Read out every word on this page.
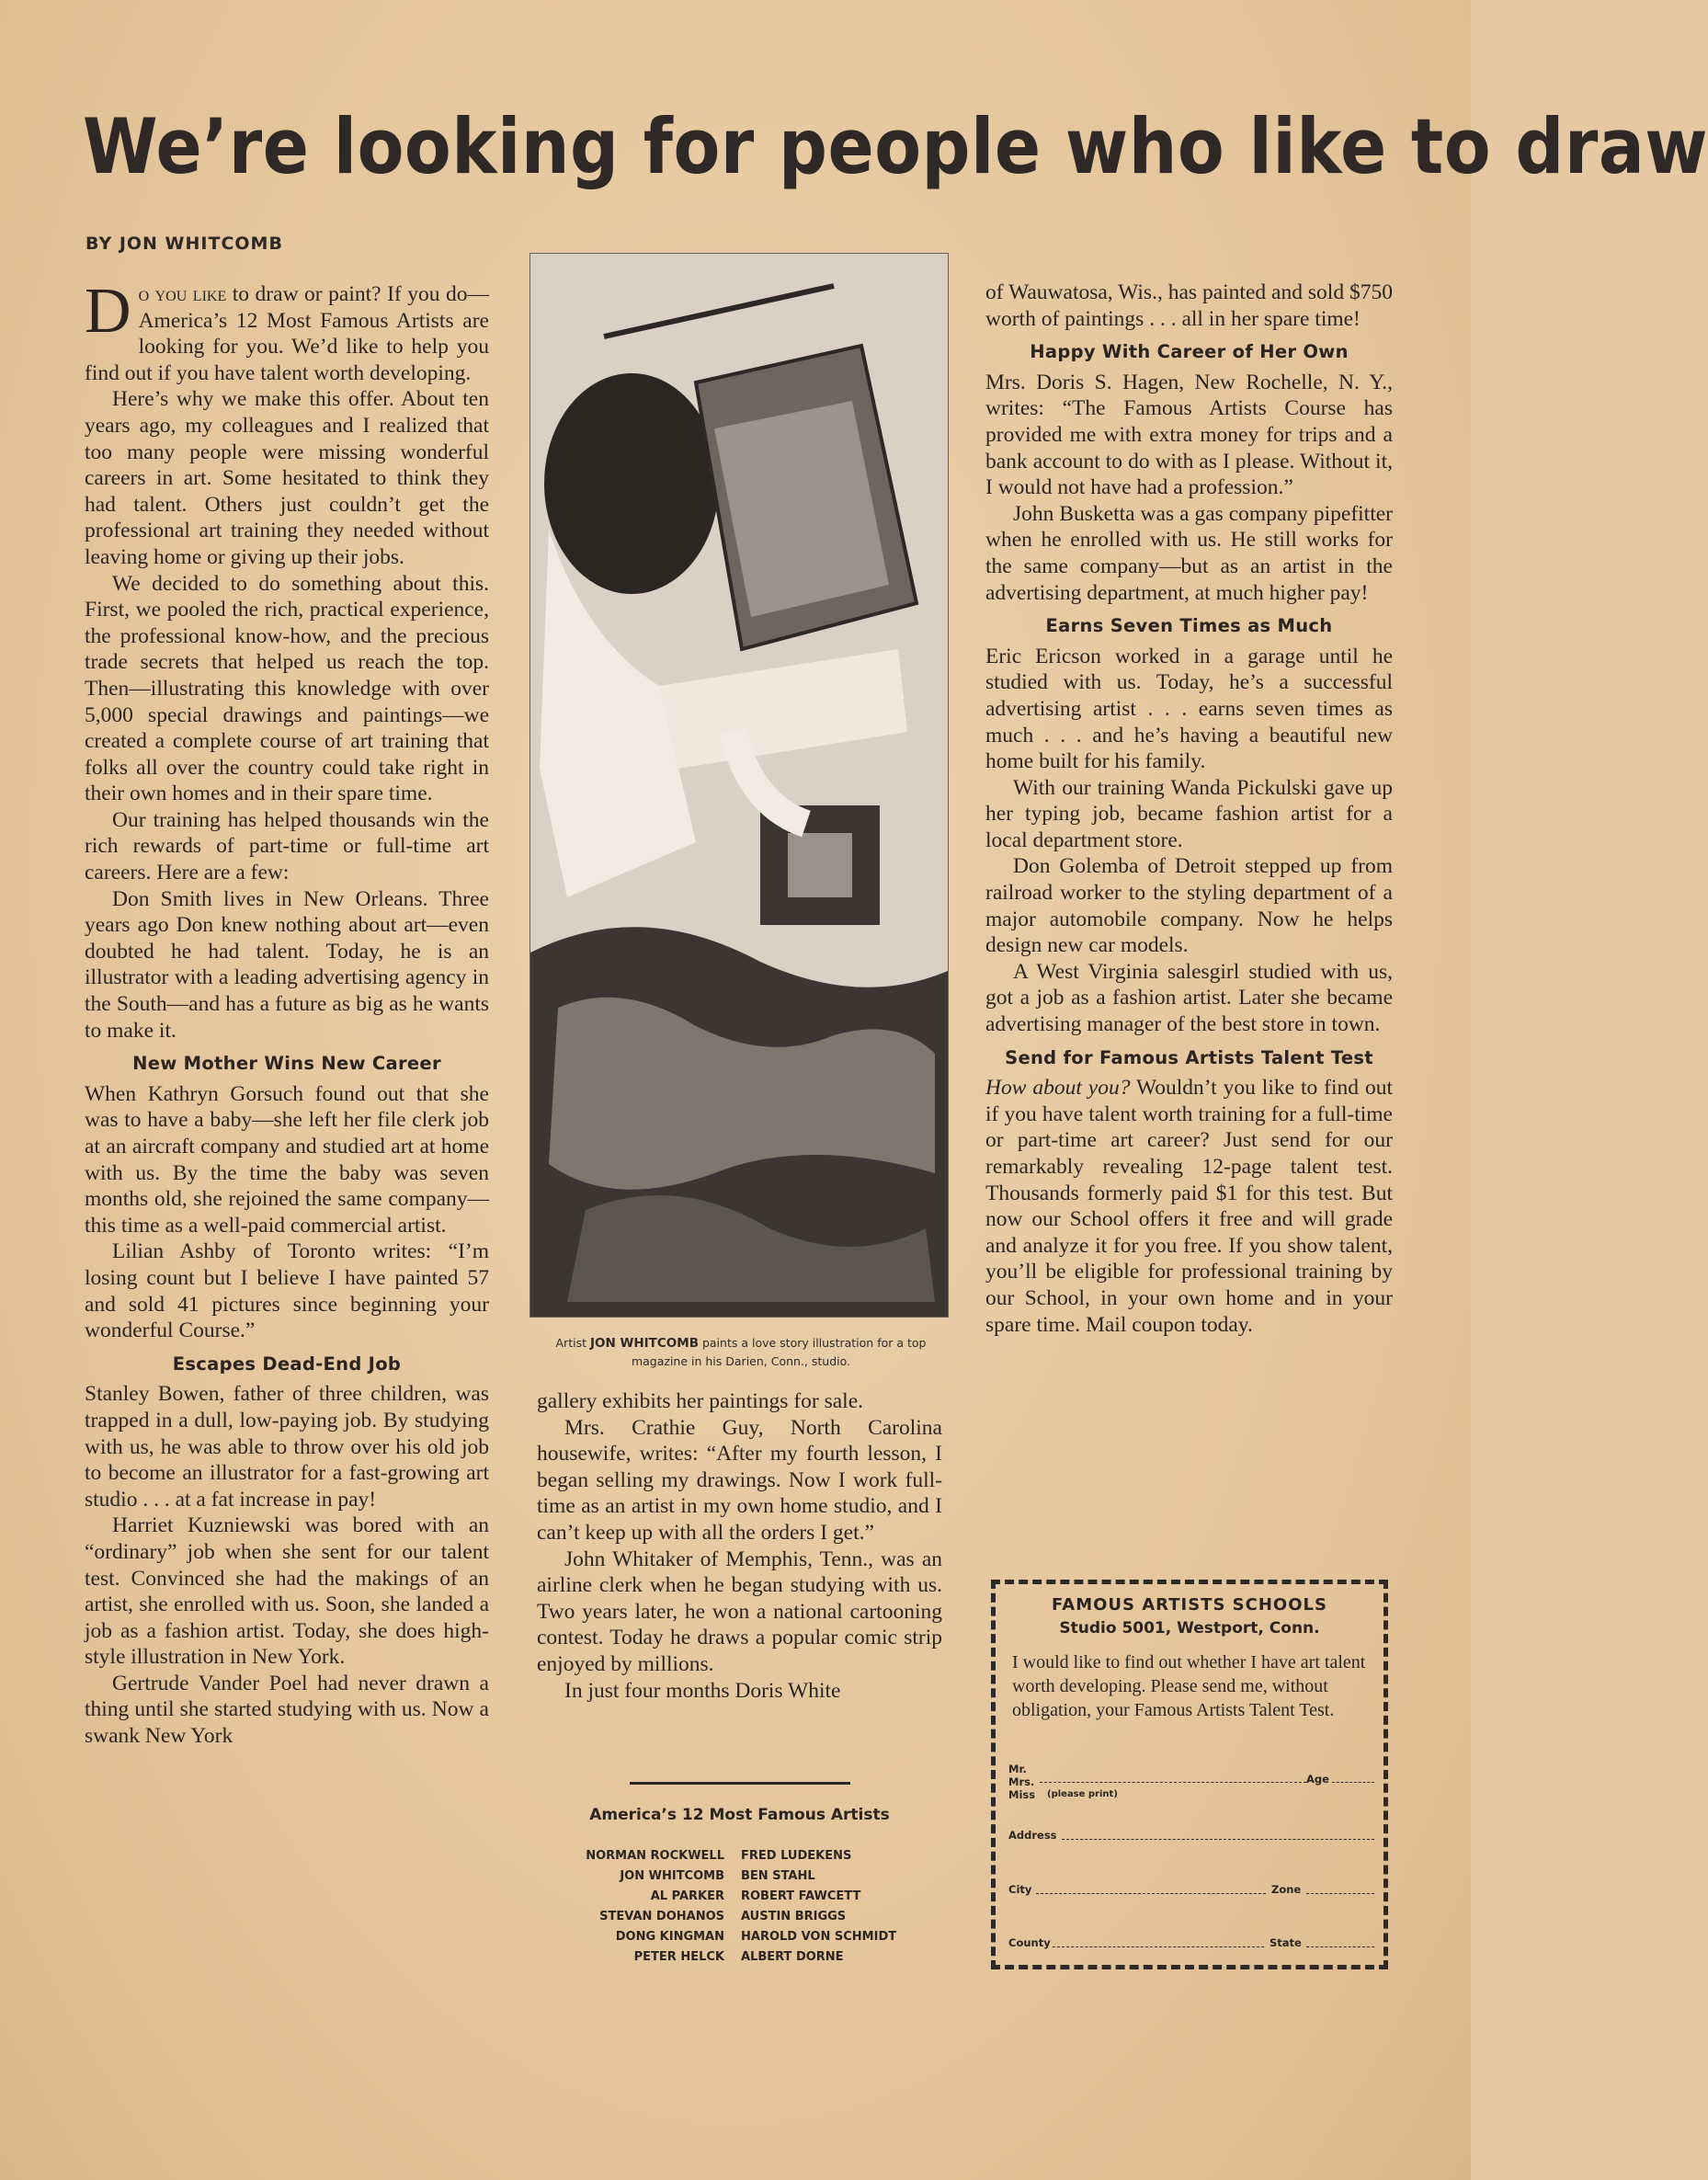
We’re looking for people who like to draw
BY JON WHITCOMB

Do you like to draw or paint? If you do—America’s 12 Most Famous Artists are looking for you. We’d like to help you find out if you have talent worth developing.

Here’s why we make this offer. About ten years ago, my colleagues and I realized that too many people were missing wonderful careers in art. Some hesitated to think they had talent. Others just couldn’t get the professional art training they needed without leaving home or giving up their jobs.

We decided to do something about this. First, we pooled the rich, practical experience, the professional know-how, and the precious trade secrets that helped us reach the top. Then—illustrating this knowledge with over 5,000 special drawings and paintings—we created a complete course of art training that folks all over the country could take right in their own homes and in their spare time.

Our training has helped thousands win the rich rewards of part-time or full-time art careers. Here are a few:

Don Smith lives in New Orleans. Three years ago Don knew nothing about art—even doubted he had talent. Today, he is an illustrator with a leading advertising agency in the South—and has a future as big as he wants to make it.

New Mother Wins New Career

When Kathryn Gorsuch found out that she was to have a baby—she left her file clerk job at an aircraft company and studied art at home with us. By the time the baby was seven months old, she rejoined the same company—this time as a well-paid commercial artist.

Lilian Ashby of Toronto writes: “I’m losing count but I believe I have painted 57 and sold 41 pictures since beginning your wonderful Course.”

Escapes Dead-End Job

Stanley Bowen, father of three children, was trapped in a dull, low-paying job. By studying with us, he was able to throw over his old job to become an illustrator for a fast-growing art studio . . . at a fat increase in pay!

Harriet Kuzniewski was bored with an “ordinary” job when she sent for our talent test. Convinced she had the makings of an artist, she enrolled with us. Soon, she landed a job as a fashion artist. Today, she does high-style illustration in New York.

Gertrude Vander Poel had never drawn a thing until she started studying with us. Now a swank New York

Artist JON WHITCOMB paints a love story illustration for a top magazine in his Darien, Conn., studio.

gallery exhibits her paintings for sale.

Mrs. Crathie Guy, North Carolina housewife, writes: “After my fourth lesson, I began selling my drawings. Now I work full-time as an artist in my own home studio, and I can’t keep up with all the orders I get.”

John Whitaker of Memphis, Tenn., was an airline clerk when he began studying with us. Two years later, he won a national cartooning contest. Today he draws a popular comic strip enjoyed by millions.

In just four months Doris White

America’s 12 Most Famous Artists
NORMAN ROCKWELL	FRED LUDEKENS
JON WHITCOMB	BEN STAHL
AL PARKER	ROBERT FAWCETT
STEVAN DOHANOS	AUSTIN BRIGGS
DONG KINGMAN	HAROLD VON SCHMIDT
PETER HELCK	ALBERT DORNE

of Wauwatosa, Wis., has painted and sold $750 worth of paintings . . . all in her spare time!

Happy With Career of Her Own

Mrs. Doris S. Hagen, New Rochelle, N. Y., writes: “The Famous Artists Course has provided me with extra money for trips and a bank account to do with as I please. Without it, I would not have had a profession.”

John Busketta was a gas company pipefitter when he enrolled with us. He still works for the same company—but as an artist in the advertising department, at much higher pay!

Earns Seven Times as Much

Eric Ericson worked in a garage until he studied with us. Today, he’s a successful advertising artist . . . earns seven times as much . . . and he’s having a beautiful new home built for his family.

With our training Wanda Pickulski gave up her typing job, became fashion artist for a local department store.

Don Golemba of Detroit stepped up from railroad worker to the styling department of a major automobile company. Now he helps design new car models.

A West Virginia salesgirl studied with us, got a job as a fashion artist. Later she became advertising manager of the best store in town.

Send for Famous Artists Talent Test

How about you? Wouldn’t you like to find out if you have talent worth training for a full-time or part-time art career? Just send for our remarkably revealing 12-page talent test. Thousands formerly paid $1 for this test. But now our School offers it free and will grade and analyze it for you free. If you show talent, you’ll be eligible for professional training by our School, in your own home and in your spare time. Mail coupon today.

FAMOUS ARTISTS SCHOOLS
Studio 5001, Westport, Conn.
I would like to find out whether I have art talent worth developing. Please send me, without obligation, your Famous Artists Talent Test.
Mr.
Mrs.
Miss (please print)
Age
Address
City	Zone
County	State
